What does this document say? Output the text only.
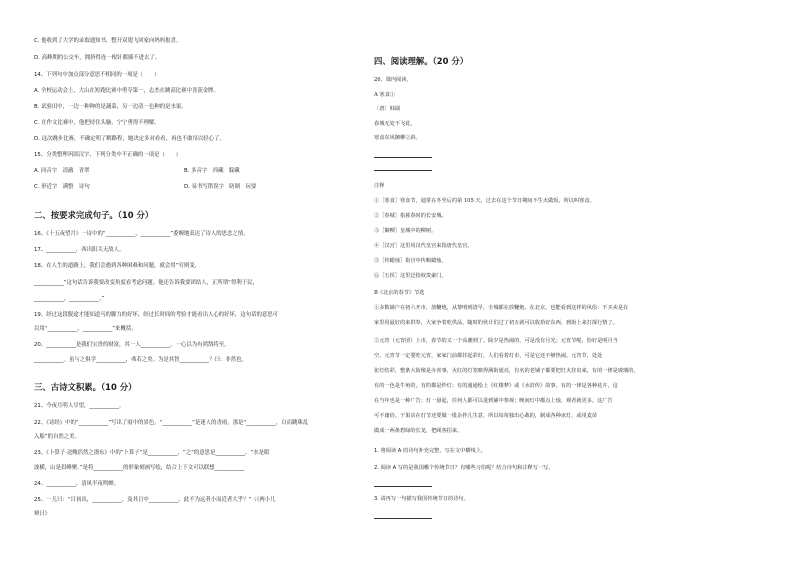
C. 他收到了大学的录取通知书，整开双翅飞回家向妈妈报喜。
D. 高峰期的公交车，拥挤得连一根针都插不进去了。
14、下列句中加点部分意思不相同的一项是（　　）
A. 全校运动会上，大山在短跑比赛中勇夺第一，志杰在跳高比赛中喜获金牌。
B. 试验田中，一边一种种的是蔬菜，另一边清一色种的是水果。
C. 在作文比赛中，他把持住头脑，宁宁勇得不理解。
D. 这次跳步比赛，不确定明了解路程，她决定多对看看，再也不敢吊以轻心了。
15、分类整理巩固汉字，下列分类中不正确的一项是（　　）
A. 同音字　清澈　青翠	B. 多音字　西藏　躲藏
C. 形近字　满整　诗句	D. 易书写错误字　防剧　玩耍
二、按要求完成句子。（10 分）
16、《十五夜望月》一诗中的“___________，___________”委婉地表达了诗人的思念之情。
17、___________，西出阳关无故人。
18、在人生的道路上，我们会遇到各种困难和问题。就会用“穷则变，
___________”这句话告诉我要改变角度看考虑问题。他还告诉我要团结人，正所谓“得利于民，
___________，___________。”
19、经过这段脱途才能知道马的脚力的好坏，经过长时间的考验才能看出人心的好坏，这句话的意思可
以用“___________，___________”来概括。
20、___________是我们宝贵的财富，其一人___________，一心以为有鸿鹄将至，
___________。虽与之俱学___________，弗若之矣。为是其智___________？曰：非然也。
三、古诗文积累。（10 分）
21、今夜月明人尽望，___________。
22、《诗经》中的“___________”写出了雨中的景色，“___________”是迷人的香雨，那是“___________，白而跳珠乱
入船”的自然之美。
23、《卜算子·送鲍浩然之浙东》中的“卜算子”是___________，“之”的意思是___________，“水是眼
波横，山是眉峰聚。”是将___________的形象刻画写绘，结合上下文可以联想___________
24、___________，清风半夜鸣蝉。
25、一儿曰：“日初出，___________，及其日中___________，此不为远者小而近者大乎？”（《两小儿
辩日》
四、阅读理解。（20 分）
26、课内阅读。
A 寒食①
〔唐〕韩翃
春城无处不飞花，
寒食东风御柳②斜。
注释
①［寒食］寒食节，通常在冬至后的第 105 天，过去在这个节日期间不生火做饭，所以叫寒食。
②［春城］指暮春时的长安城。
③［御柳］皇城中的柳树。
④［汉宫］这里用汉代皇宫来指唐代皇宫。
⑤［传蜡烛］指宫中传赐蜡烛。
⑥［五侯］这里泛指权贵豪门。
B《北京的春节》节选
①多数铺户在初六开市，放鞭炮，从黎明到清早，全城都在放鞭炮。在北京，也能看到这样的风俗：不买卖是在
家里用最好的来供奉，大家争着吃供品，随时的伙计们过了初五就可以收拾好东西，到街上来打探行情了。
②元宵（元宵团）上市，春节的又一个高潮到了。除夕是热闹的，可是没有月光；元宵节呢，恰好是明月当
空。元宵节一定要吃元宵，家家门前都挂起彩灯，人们看着灯市，可是它还不够热闹。元宵节，处处
张灯结彩，整条大街像是办喜事，火红的灯笼映得满街通亮，有名的老铺子都要把灯火挂出来，有的一律是玻璃的，
有的一色是牛角的，有的都是纱灯；有的通通绘上《红楼梦》或《水浒传》故事，有的一律是各种花卉，这
在当年也是一种广告；灯一悬起，任何人都可以进到铺中参观；晚间灯中都点上烛，观者就更多。这广告
可不庸俗。干果店在灯节还要做一批杂拌儿生意，所以每每独出心裁的，制成各种冰灯，或用麦苗
做成一两条碧绿的长龙，把顾客招来。
1. 将阅读 A 的诗句补充完整，写在文中横线上。
2. 阅读 A 写的是我国哪个传统节日？有哪些习俗呢？结合诗句和注释写一写。
3. 请再写一句描写我国传统节日的诗句。
